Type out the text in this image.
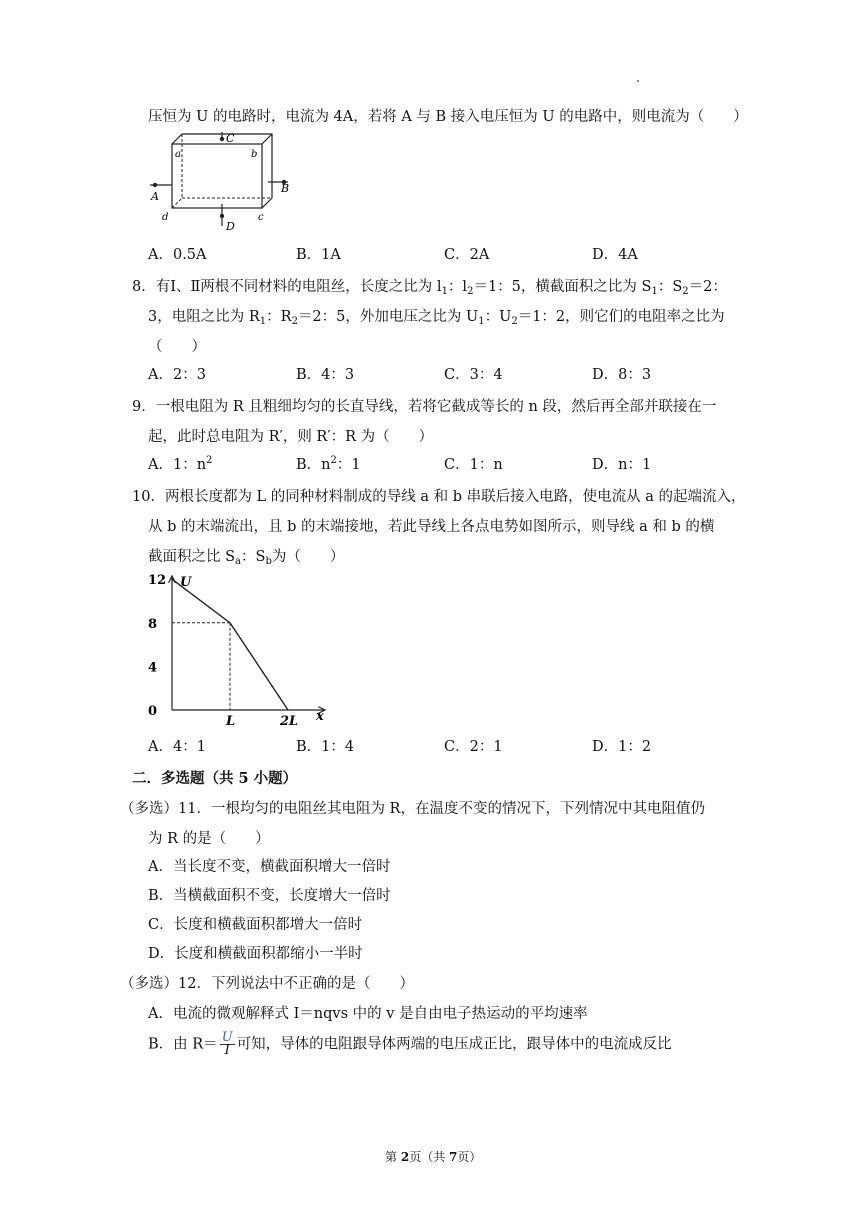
压恒为 U 的电路时，电流为 4A，若将 A 与 B 接入电压恒为 U 的电路中，则电流为（　　）
C
a	b
A
B
d	c
D
A．0.5A	B．1A	C．2A	D．4A
8．有Ⅰ、Ⅱ两根不同材料的电阻丝，长度之比为 $l_1$：$l_2=1$：5，横截面积之比为 $S_1$：$S_2=2$：
3，电阻之比为 $R_1$：$R_2=2$：5，外加电压之比为 $U_1$：$U_2=1$：2，则它们的电阻率之比为
（　　）
A．2：3	B．4：3	C．3：4	D．8：3
9．一根电阻为 R 且粗细均匀的长直导线，若将它截成等长的 n 段，然后再全部并联接在一
起，此时总电阻为 R′，则 R′：R 为（　　）
A．1：$n^2$	B．$n^2$：1	C．1：n	D．n：1
10．两根长度都为 L 的同种材料制成的导线 a 和 b 串联后接入电路，使电流从 a 的起端流入，
从 b 的末端流出，且 b 的末端接地，若此导线上各点电势如图所示，则导线 a 和 b 的横
截面积之比 $S_a$：$S_b$为（　　）
U
x
0
4
8
12
L	2L
A．4：1	B．1：4	C．2：1	D．1：2
二．多选题（共 5 小题）
（多选）11．一根均匀的电阻丝其电阻为 R，在温度不变的情况下，下列情况中其电阻值仍
为 R 的是（　　）
A．当长度不变，横截面积增大一倍时
B．当横截面积不变，长度增大一倍时
C．长度和横截面积都增大一倍时
D．长度和横截面积都缩小一半时
（多选）12．下列说法中不正确的是（　　）
A．电流的微观解释式 I＝nqvs 中的 v 是自由电子热运动的平均速率
B．由 $R= \frac{U}{I}$ 可知，导体的电阻跟导体两端的电压成正比，跟导体中的电流成反比
第 2页（共 7页）
